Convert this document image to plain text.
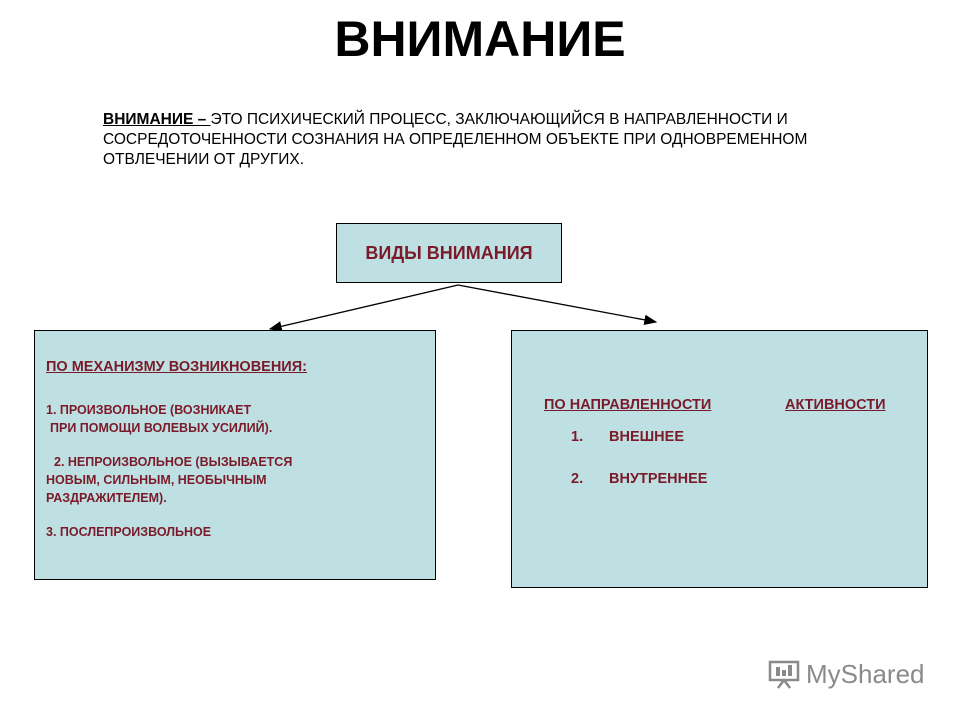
ВНИМАНИЕ
ВНИМАНИЕ – ЭТО ПСИХИЧЕСКИЙ ПРОЦЕСС, ЗАКЛЮЧАЮЩИЙСЯ В НАПРАВЛЕННОСТИ И СОСРЕДОТОЧЕННОСТИ СОЗНАНИЯ НА ОПРЕДЕЛЕННОМ ОБЪЕКТЕ ПРИ ОДНОВРЕМЕННОМ ОТВЛЕЧЕНИИ ОТ ДРУГИХ.
ВИДЫ ВНИМАНИЯ
ПО МЕХАНИЗМУ ВОЗНИКНОВЕНИЯ:
1. ПРОИЗВОЛЬНОЕ (ВОЗНИКАЕТ
ПРИ ПОМОЩИ ВОЛЕВЫХ УСИЛИЙ).
2. НЕПРОИЗВОЛЬНОЕ (ВЫЗЫВАЕТСЯ
НОВЫМ, СИЛЬНЫМ, НЕОБЫЧНЫМ
РАЗДРАЖИТЕЛЕМ).
3. ПОСЛЕПРОИЗВОЛЬНОЕ
ПО НАПРАВЛЕННОСТИ	АКТИВНОСТИ
1.	ВНЕШНЕЕ
2.	ВНУТРЕННЕЕ
MyShared
